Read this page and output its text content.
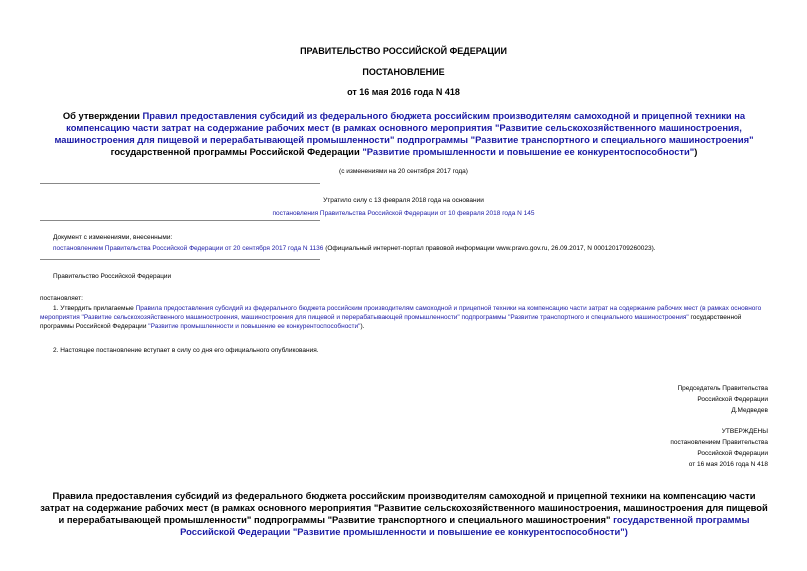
ПРАВИТЕЛЬСТВО РОССИЙСКОЙ ФЕДЕРАЦИИ
ПОСТАНОВЛЕНИЕ
от 16 мая 2016 года N 418
Об утверждении Правил предоставления субсидий из федерального бюджета российским производителям самоходной и прицепной техники на компенсацию части затрат на содержание рабочих мест (в рамках основного мероприятия "Развитие сельскохозяйственного машиностроения, машиностроения для пищевой и перерабатывающей промышленности" подпрограммы "Развитие транспортного и специального машиностроения" государственной программы Российской Федерации "Развитие промышленности и повышение ее конкурентоспособности")
(с изменениями на 20 сентября 2017 года)
Утратило силу с 13 февраля 2018 года на основании
постановления Правительства Российской Федерации от 10 февраля 2018 года N 145
Документ с изменениями, внесенными:
постановлением Правительства Российской Федерации от 20 сентября 2017 года N 1136 (Официальный интернет-портал правовой информации www.pravo.gov.ru, 26.09.2017, N 0001201709260023).
Правительство Российской Федерации
постановляет:
1. Утвердить прилагаемые Правила предоставления субсидий из федерального бюджета российским производителям самоходной и прицепной техники на компенсацию части затрат на содержание рабочих мест (в рамках основного мероприятия "Развитие сельскохозяйственного машиностроения, машиностроения для пищевой и перерабатывающей промышленности" подпрограммы "Развитие транспортного и специального машиностроения" государственной программы Российской Федерации "Развитие промышленности и повышение ее конкурентоспособности").
2. Настоящее постановление вступает в силу со дня его официального опубликования.
Председатель Правительства
Российской Федерации
Д.Медведев
УТВЕРЖДЕНЫ
постановлением Правительства
Российской Федерации
от 16 мая 2016 года N 418
Правила предоставления субсидий из федерального бюджета российским производителям самоходной и прицепной техники на компенсацию части затрат на содержание рабочих мест (в рамках основного мероприятия "Развитие сельскохозяйственного машиностроения, машиностроения для пищевой и перерабатывающей промышленности" подпрограммы "Развитие транспортного и специального машиностроения" государственной программы Российской Федерации "Развитие промышленности и повышение ее конкурентоспособности")
